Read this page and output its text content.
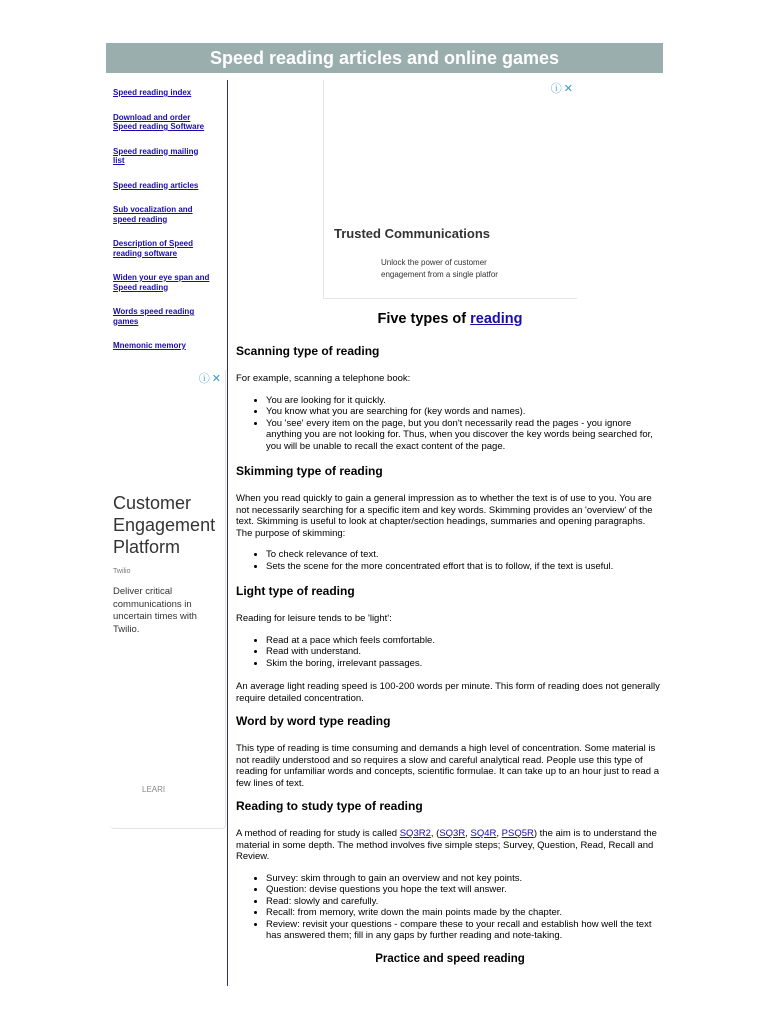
Speed reading articles and online games
Speed reading index
Download and order
Speed reading Software
Speed reading mailing
list
Speed reading articles
Sub vocalization and
speed reading
Description of Speed
reading software
Widen your eye span and
Speed reading
Words speed reading
games
Mnemonic memory
ⓘ✕
Trusted Communications
Unlock the power of customer engagement from a single platfor
ⓘ✕
Customer Engagement Platform
Twilio
Deliver critical communications in uncertain times with Twilio.
LEARI
Five types of reading
Scanning type of reading

For example, scanning a telephone book:

• You are looking for it quickly.
• You know what you are searching for (key words and names).
• You 'see' every item on the page, but you don't necessarily read the pages - you ignore anything you are not looking for. Thus, when you discover the key words being searched for, you will be unable to recall the exact content of the page.
Skimming type of reading

When you read quickly to gain a general impression as to whether the text is of use to you. You are not necessarily searching for a specific item and key words. Skimming provides an 'overview' of the text. Skimming is useful to look at chapter/section headings, summaries and opening paragraphs. The purpose of skimming:

• To check relevance of text.
• Sets the scene for the more concentrated effort that is to follow, if the text is useful.
Light type of reading

Reading for leisure tends to be 'light':

• Read at a pace which feels comfortable.
• Read with understand.
• Skim the boring, irrelevant passages.

An average light reading speed is 100-200 words per minute. This form of reading does not generally require detailed concentration.

Word by word type reading

This type of reading is time consuming and demands a high level of concentration. Some material is not readily understood and so requires a slow and careful analytical read. People use this type of reading for unfamiliar words and concepts, scientific formulae. It can take up to an hour just to read a few lines of text.

Reading to study type of reading

A method of reading for study is called SQ3R2, (SQ3R, SQ4R, PSQ5R) the aim is to understand the material in some depth. The method involves five simple steps; Survey, Question, Read, Recall and Review.

• Survey: skim through to gain an overview and not key points.
• Question: devise questions you hope the text will answer.
• Read: slowly and carefully.
• Recall: from memory, write down the main points made by the chapter.
• Review: revisit your questions - compare these to your recall and establish how well the text has answered them; fill in any gaps by further reading and note-taking.
Practice and speed reading
